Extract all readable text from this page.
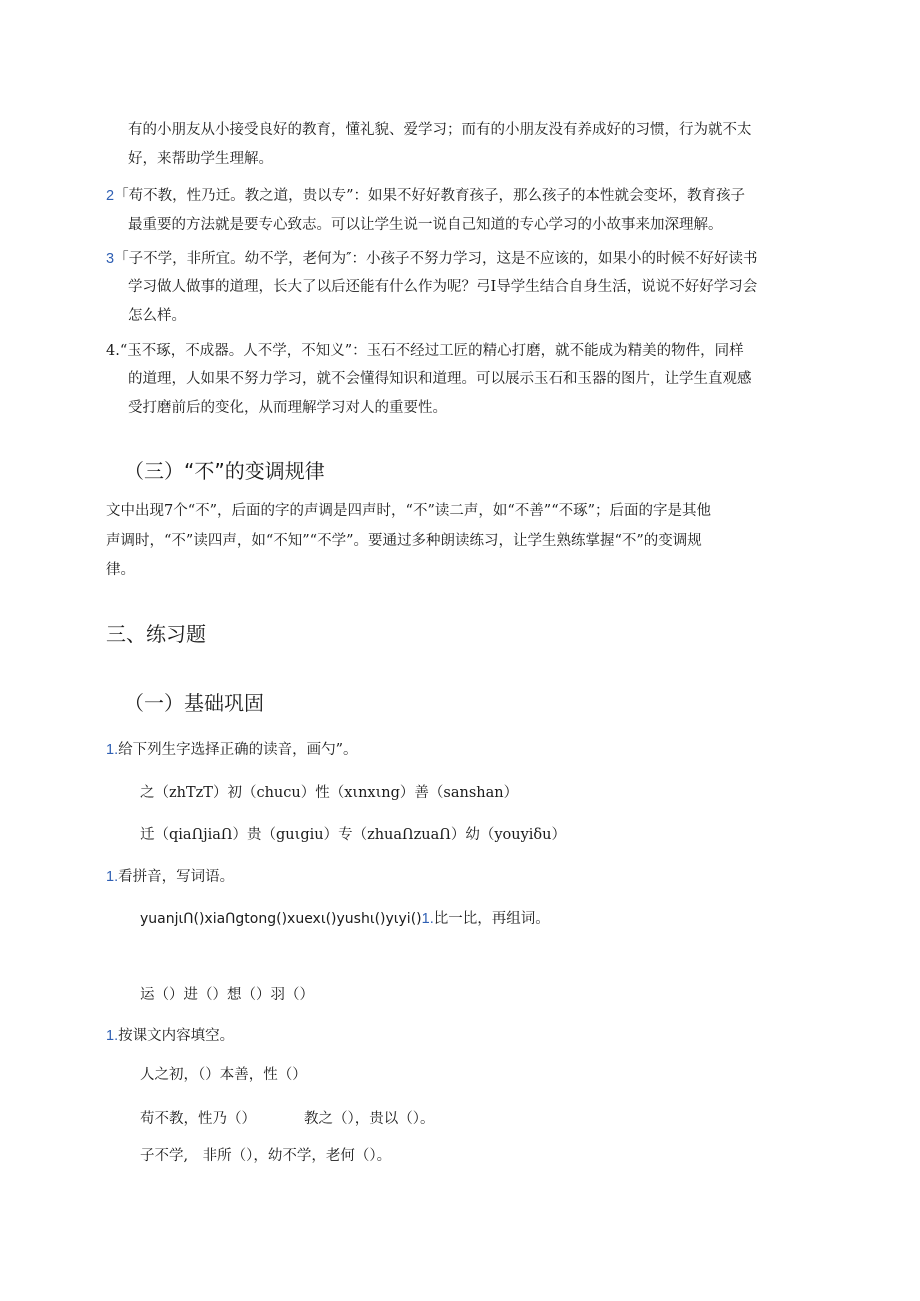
有的小朋友从小接受良好的教育，懂礼貌、爱学习；而有的小朋友没有养成好的习惯，行为就不太
好，来帮助学生理解。
2「苟不教，性乃迁。教之道，贵以专”：如果不好好教育孩子，那么孩子的本性就会变坏，教育孩子
最重要的方法就是要专心致志。可以让学生说一说自己知道的专心学习的小故事来加深理解。
3「子不学，非所宜。幼不学，老何为″：小孩子不努力学习，这是不应该的，如果小的时候不好好读书
学习做人做事的道理，长大了以后还能有什么作为呢？弓I导学生结合自身生活，说说不好好学习会
怎么样。
4.“玉不琢，不成器。人不学，不知义”：玉石不经过工匠的精心打磨，就不能成为精美的物件，同样
的道理，人如果不努力学习，就不会懂得知识和道理。可以展示玉石和玉器的图片，让学生直观感
受打磨前后的变化，从而理解学习对人的重要性。
（三）“不”的变调规律
文中出现7个“不”，后面的字的声调是四声时，“不”读二声，如“不善”“不琢”；后面的字是其他
声调时，“不”读四声，如“不知”“不学”。要通过多种朗读练习，让学生熟练掌握“不”的变调规
律。
三、练习题
（一）基础巩固
1.给下列生字选择正确的读音，画勺”。
之（zhTzT）初（chucu）性（xιnxιng）善（sanshan）
迁（qiaՈjiaՈ）贵（guιgiu）专（zhuaՈzuaՈ）幼（youyiδu）
1.看拼音，写词语。
yuanjιՈ()xiaՈgtong()xuexι()yushι()yιyi()1.比一比，再组词。
运（）进（）想（）羽（）
1.按课文内容填空。
人之初，（）本善，性（）
苟不教，性乃（）	教之（），贵以（）。
子不学,　非所（），幼不学，老何（）。
